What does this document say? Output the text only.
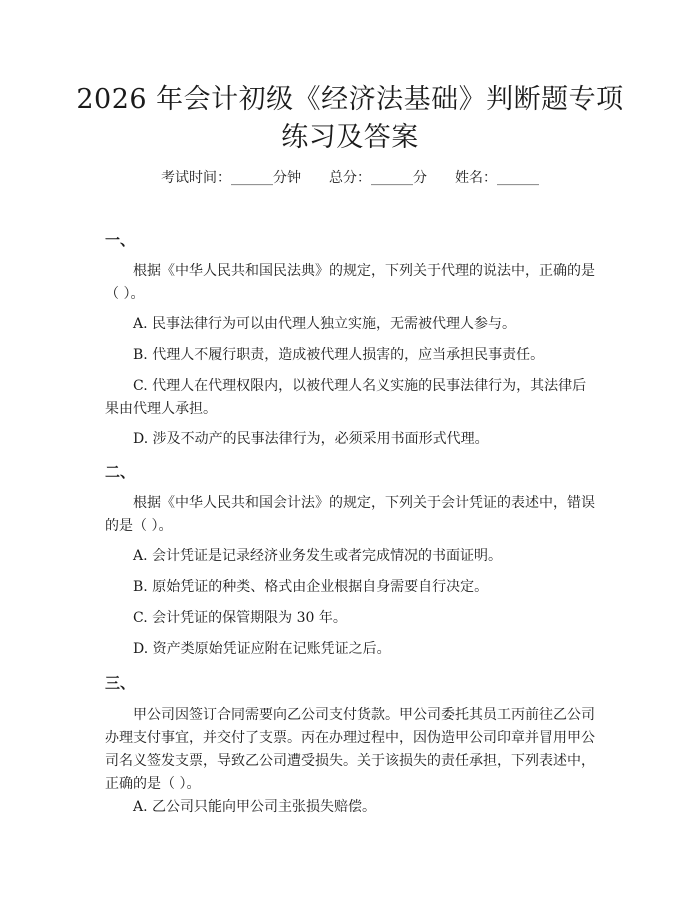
2026 年会计初级《经济法基础》判断题专项
练习及答案
考试时间：______分钟 总分：______分 姓名：______
一、
根据《中华人民共和国民法典》的规定，下列关于代理的说法中，正确的是（ ）。
A. 民事法律行为可以由代理人独立实施，无需被代理人参与。
B. 代理人不履行职责，造成被代理人损害的，应当承担民事责任。
C. 代理人在代理权限内，以被代理人名义实施的民事法律行为，其法律后果由代理人承担。
D. 涉及不动产的民事法律行为，必须采用书面形式代理。
二、
根据《中华人民共和国会计法》的规定，下列关于会计凭证的表述中，错误的是（ ）。
A. 会计凭证是记录经济业务发生或者完成情况的书面证明。
B. 原始凭证的种类、格式由企业根据自身需要自行决定。
C. 会计凭证的保管期限为 30 年。
D. 资产类原始凭证应附在记账凭证之后。
三、
甲公司因签订合同需要向乙公司支付货款。甲公司委托其员工丙前往乙公司办理支付事宜，并交付了支票。丙在办理过程中，因伪造甲公司印章并冒用甲公司名义签发支票，导致乙公司遭受损失。关于该损失的责任承担，下列表述中，正确的是（ ）。
A. 乙公司只能向甲公司主张损失赔偿。
